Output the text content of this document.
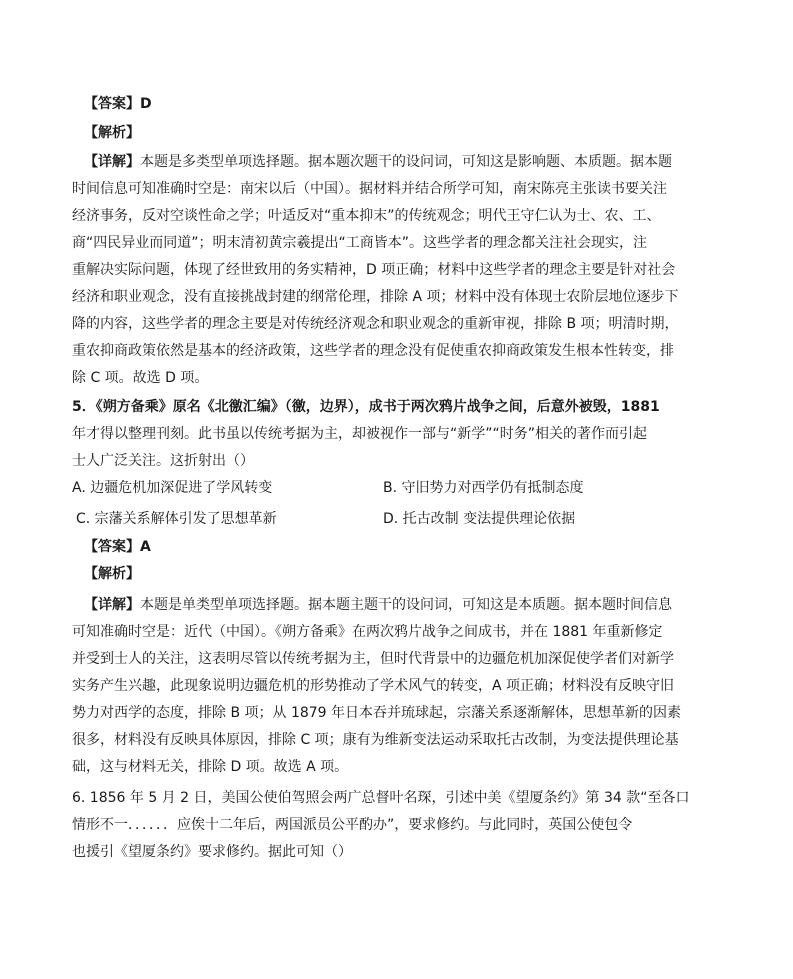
【答案】D
【解析】
【详解】本题是多类型单项选择题。据本题次题干的设问词，可知这是影响题、本质题。据本题
时间信息可知准确时空是：南宋以后（中国）。据材料并结合所学可知，南宋陈亮主张读书要关注
经济事务，反对空谈性命之学；叶适反对“重本抑末”的传统观念；明代王守仁认为士、农、工、
商“四民异业而同道”；明末清初黄宗羲提出“工商皆本”。这些学者的理念都关注社会现实，注
重解决实际问题，体现了经世致用的务实精神，D 项正确；材料中这些学者的理念主要是针对社会
经济和职业观念，没有直接挑战封建的纲常伦理，排除 A 项；材料中没有体现士农阶层地位逐步下
降的内容，这些学者的理念主要是对传统经济观念和职业观念的重新审视，排除 B 项；明清时期，
重农抑商政策依然是基本的经济政策，这些学者的理念没有促使重农抑商政策发生根本性转变，排
除 C 项。故选 D 项。
5．《朔方备乘》原名《北徼汇编》（徼，边界），成书于两次鸦片战争之间，后意外被毁，1881
年才得以整理刊刻。此书虽以传统考据为主，却被视作一部与“新学”“时务”相关的著作而引起
士人广泛关注。这折射出（）
A. 边疆危机加深促进了学风转变	B. 守旧势力对西学仍有抵制态度
C. 宗藩关系解体引发了思想革新	D. 托古改制 变法提供理论依据
【答案】A
【解析】
【详解】本题是单类型单项选择题。据本题主题干的设问词，可知这是本质题。据本题时间信息
可知准确时空是：近代（中国）。《朔方备乘》在两次鸦片战争之间成书，并在 1881 年重新修定
并受到士人的关注，这表明尽管以传统考据为主，但时代背景中的边疆危机加深促使学者们对新学
实务产生兴趣，此现象说明边疆危机的形势推动了学术风气的转变，A 项正确；材料没有反映守旧
势力对西学的态度，排除 B 项；从 1879 年日本吞并琉球起，宗藩关系逐渐解体，思想革新的因素
很多，材料没有反映具体原因，排除 C 项；康有为维新变法运动采取托古改制，为变法提供理论基
础，这与材料无关，排除 D 项。故选 A 项。
6. 1856 年 5 月 2 日，美国公使伯驾照会两广总督叶名琛，引述中美《望厦条约》第 34 款“至各口
情形不一．．．．．．应俟十二年后，两国派员公平酌办”，要求修约。与此同时，英国公使包令
也援引《望厦条约》要求修约。据此可知（）
